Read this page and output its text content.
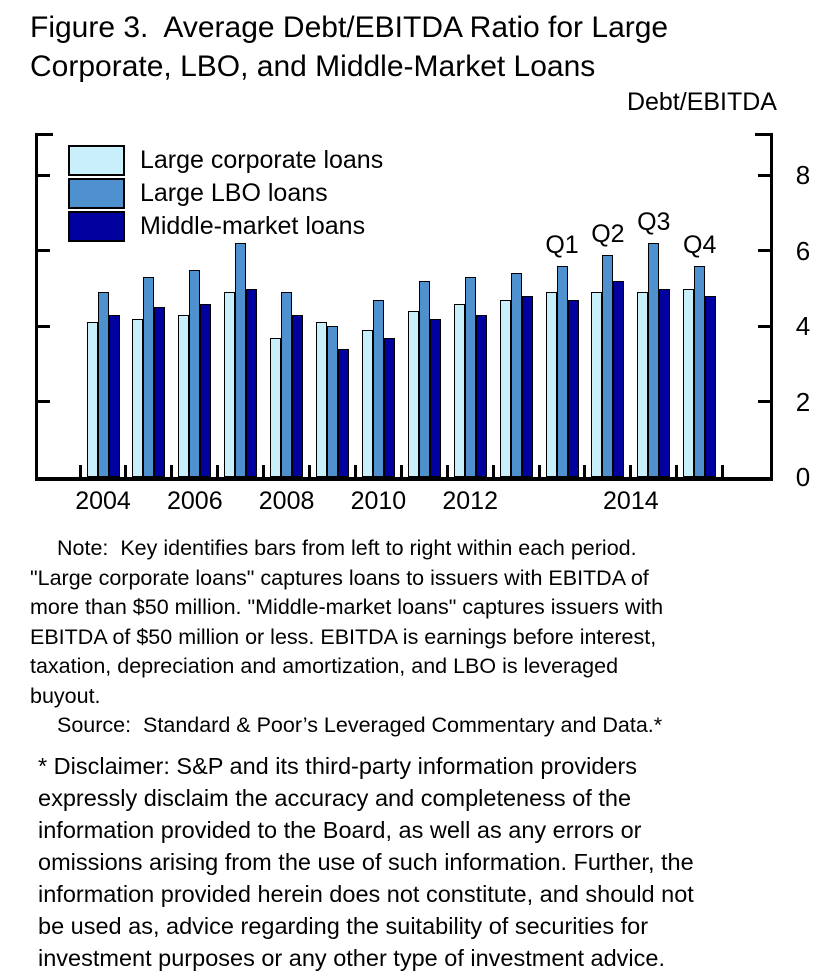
Figure 3.  Average Debt/EBITDA Ratio for Large
Corporate, LBO, and Middle-Market Loans
Debt/EBITDA
Large corporate loans
Large LBO loans
Middle-market loans
0
2
4
6
8
2004	2006	2008	2010	2012	2014
Q1 Q2 Q3
Q4
Note:  Key identifies bars from left to right within each period.
"Large corporate loans" captures loans to issuers with EBITDA of
more than $50 million. "Middle-market loans" captures issuers with
EBITDA of $50 million or less. EBITDA is earnings before interest,
taxation, depreciation and amortization, and LBO is leveraged
buyout.
Source:  Standard & Poor’s Leveraged Commentary and Data.*
* Disclaimer: S&P and its third-party information providers
expressly disclaim the accuracy and completeness of the
information provided to the Board, as well as any errors or
omissions arising from the use of such information. Further, the
information provided herein does not constitute, and should not
be used as, advice regarding the suitability of securities for
investment purposes or any other type of investment advice.
